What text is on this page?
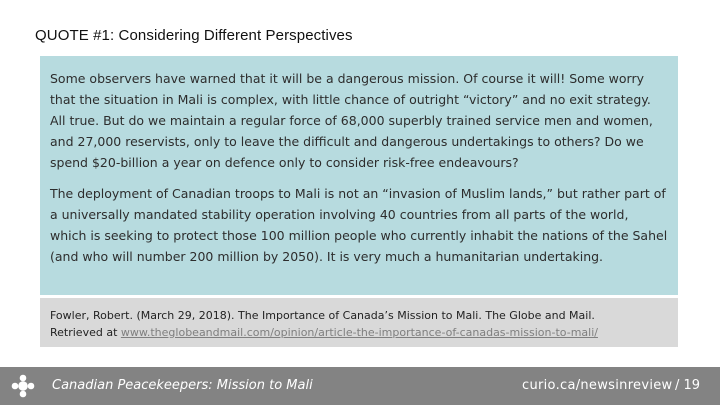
QUOTE #1: Considering Different Perspectives

Some observers have warned that it will be a dangerous mission. Of course it will! Some worry that the situation in Mali is complex, with little chance of outright “victory” and no exit strategy. All true. But do we maintain a regular force of 68,000 superbly trained service men and women, and 27,000 reservists, only to leave the difficult and dangerous undertakings to others? Do we spend $20-billion a year on defence only to consider risk-free endeavours?

The deployment of Canadian troops to Mali is not an “invasion of Muslim lands,” but rather part of a universally mandated stability operation involving 40 countries from all parts of the world, which is seeking to protect those 100 million people who currently inhabit the nations of the Sahel (and who will number 200 million by 2050). It is very much a humanitarian undertaking.

Fowler, Robert. (March 29, 2018). The Importance of Canada’s Mission to Mali. The Globe and Mail.
Retrieved at www.theglobeandmail.com/opinion/article-the-importance-of-canadas-mission-to-mali/
Canadian Peacekeepers: Mission to Mali	curio.ca/newsinreview / 19
